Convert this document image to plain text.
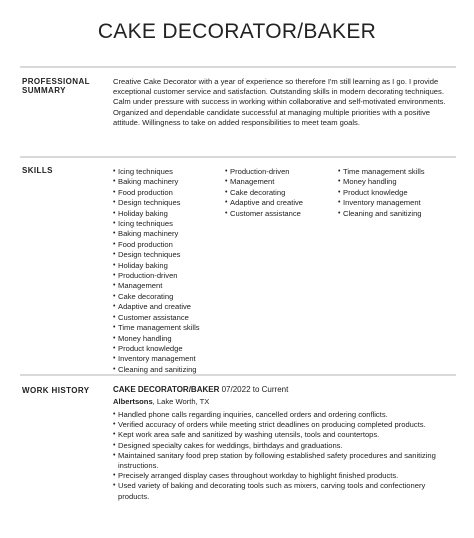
CAKE DECORATOR/BAKER
PROFESSIONAL
SUMMARY

Creative Cake Decorator with a year of experience so therefore I'm still learning as I go. I provide exceptional customer service and satisfaction. Outstanding skills in modern decorating techniques. Calm under pressure with success in working within collaborative and self-motivated environments. Organized and dependable candidate successful at managing multiple priorities with a positive attitude. Willingness to take on added responsibilities to meet team goals.

SKILLS
•	Icing techniques
• Baking machinery
• Food production
• Design techniques
• Holiday baking
• Icing techniques
• Baking machinery
• Food production
• Design techniques
• Holiday baking
• Production-driven
• Management
• Cake decorating
• Adaptive and creative
• Customer assistance
• Time management skills
• Money handling
• Product knowledge
• Inventory management
• Cleaning and sanitizing
• Production-driven
• Management
• Cake decorating
• Adaptive and creative
• Customer assistance
• Time management skills
• Money handling
• Product knowledge
• Inventory management
• Cleaning and sanitizing
WORK HISTORY	CAKE DECORATOR/BAKER 07/2022 to Current
Albertsons, Lake Worth, TX
• Handled phone calls regarding inquiries, cancelled orders and ordering conflicts.
• Verified accuracy of orders while meeting strict deadlines on producing completed products.
• Kept work area safe and sanitized by washing utensils, tools and countertops.
• Designed specialty cakes for weddings, birthdays and graduations.
• Maintained sanitary food prep station by following established safety procedures and sanitizing instructions.
• Precisely arranged display cases throughout workday to highlight finished products.
• Used variety of baking and decorating tools such as mixers, carving tools and confectionery products.
